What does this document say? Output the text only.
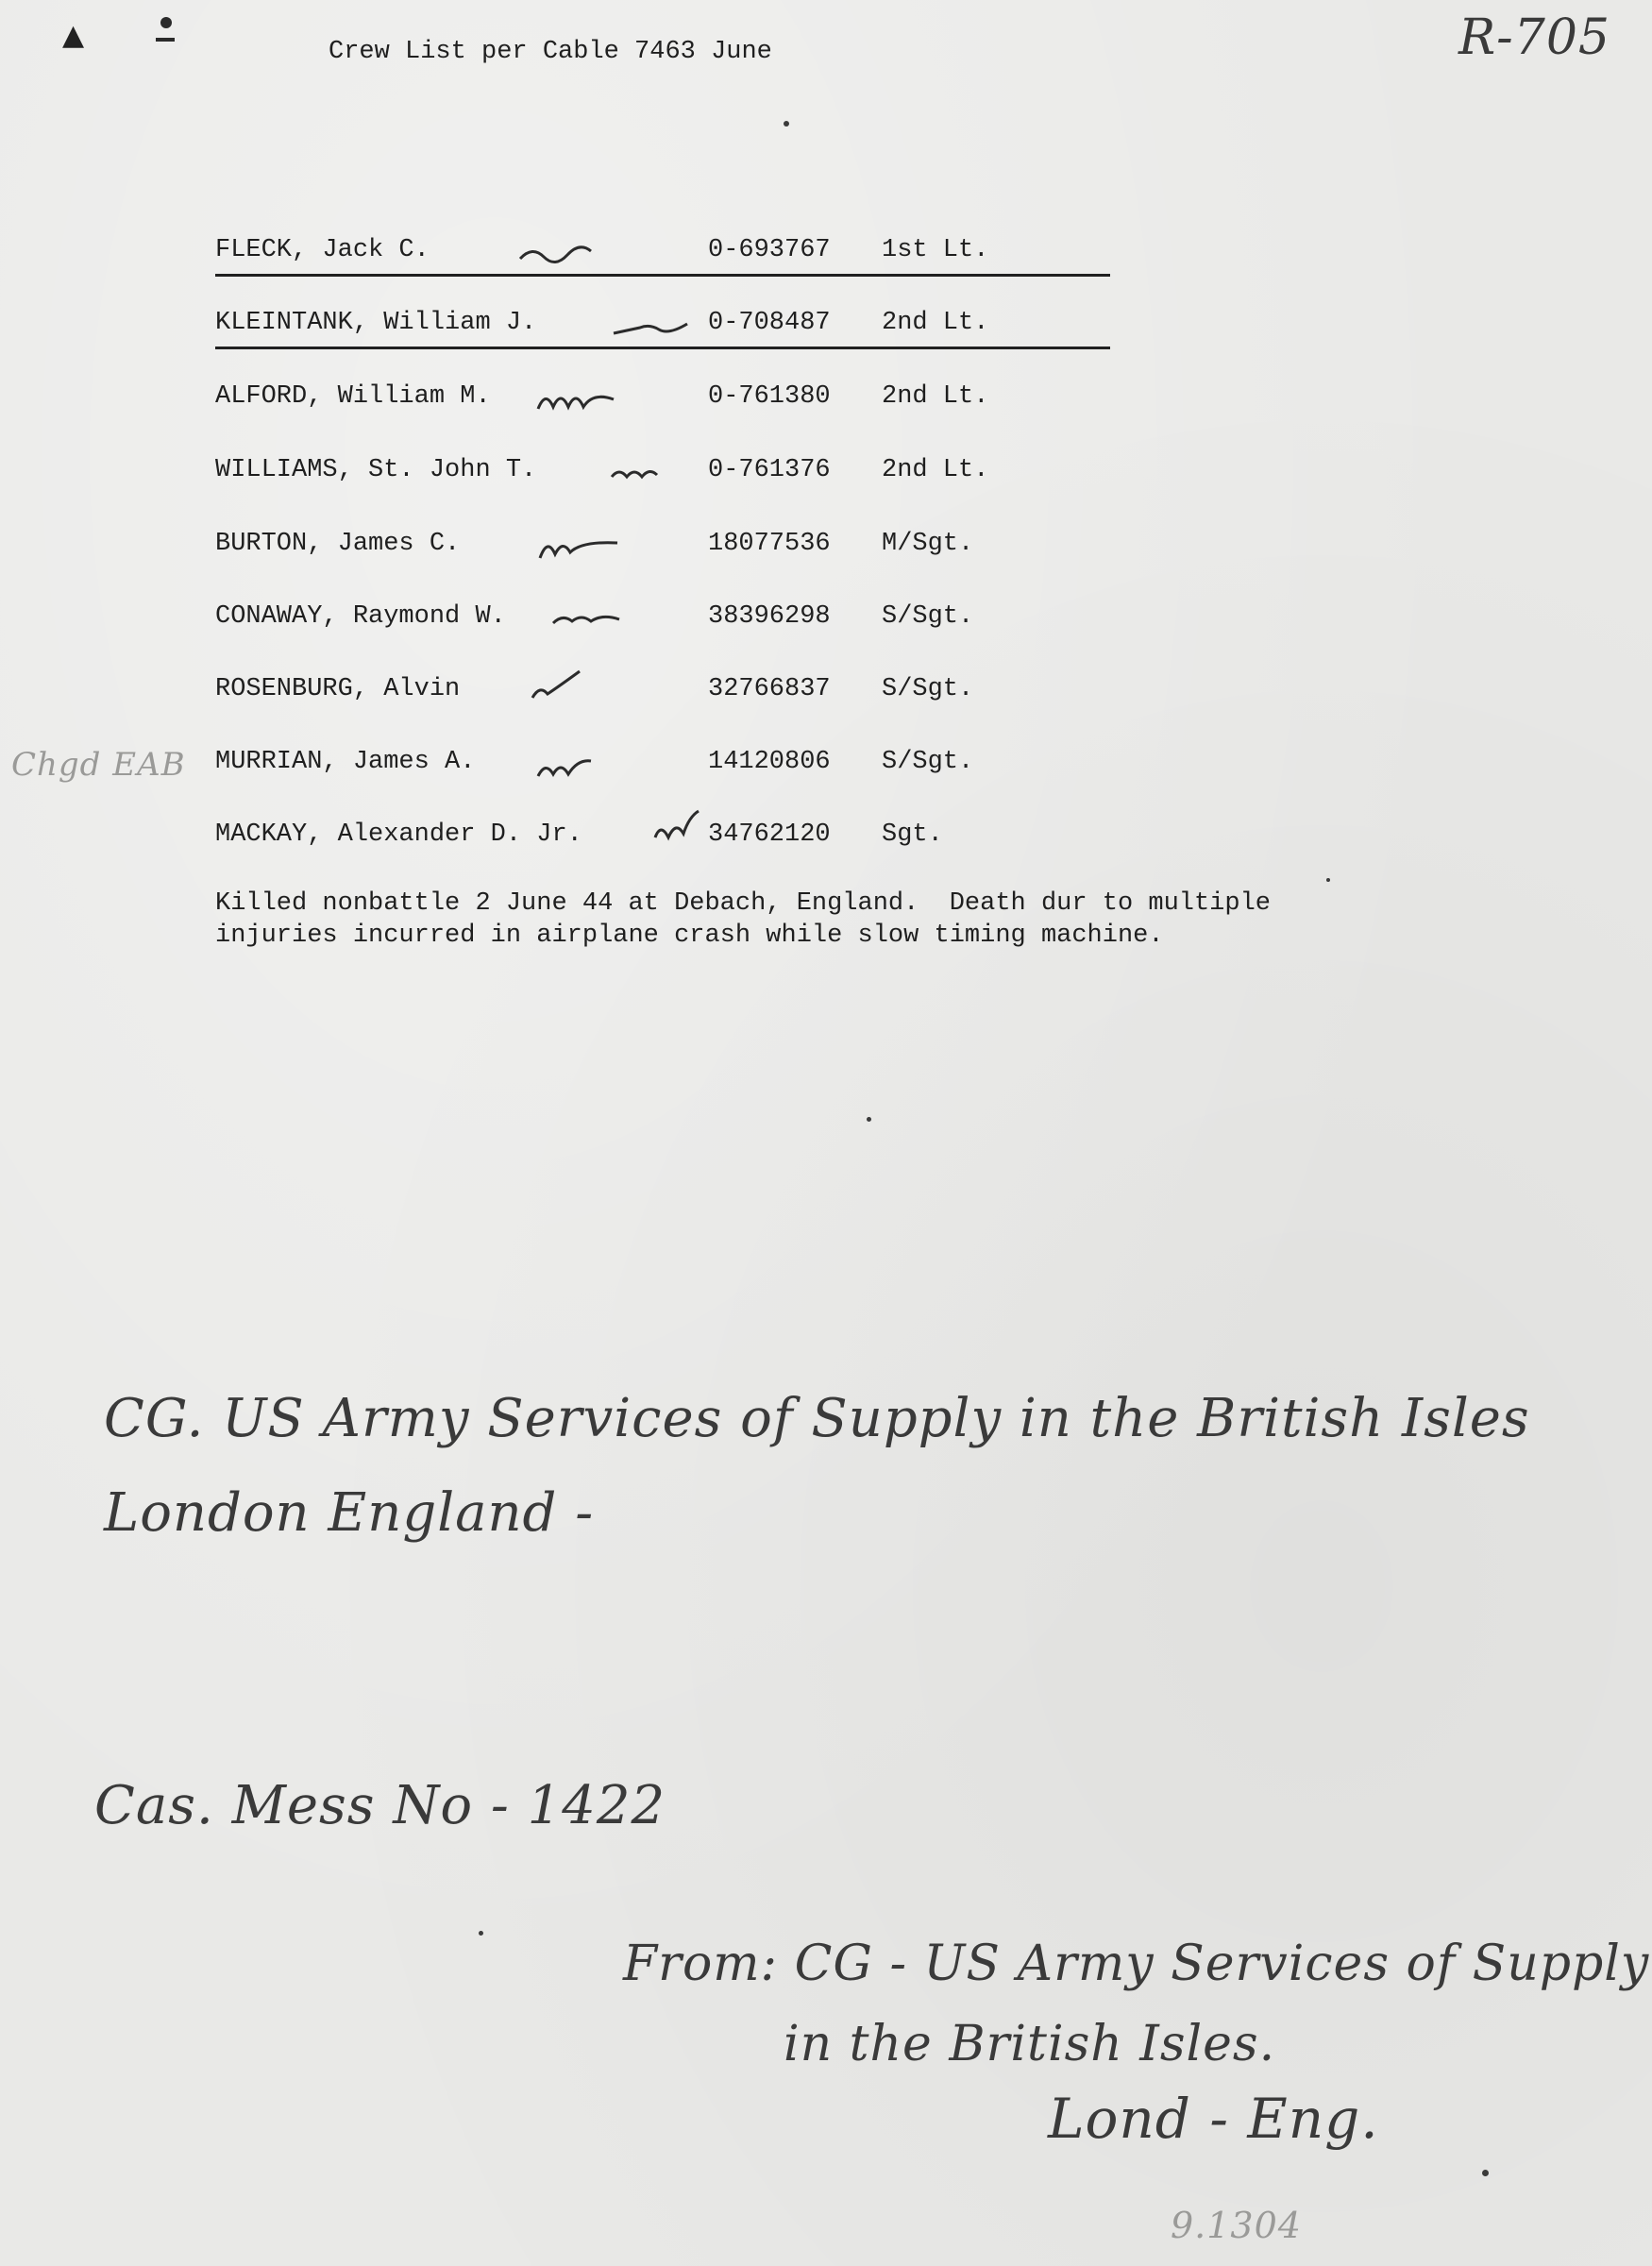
▲	Crew List per Cable 7463 June	R-705
FLECK, Jack C.	0-693767 1st Lt.
KLEINTANK, William J.	0-708487 2nd Lt.
ALFORD, William M.	0-761380 2nd Lt.
WILLIAMS, St. John T.	0-761376 2nd Lt.
BURTON, James C.	18077536 M/Sgt.
CONAWAY, Raymond W.	38396298 S/Sgt.
ROSENBURG, Alvin	32766837 S/Sgt.
MURRIAN, James A.	14120806 S/Sgt.
MACKAY, Alexander D. Jr.	34762120 Sgt.
Chgd EAB
Killed nonbattle 2 June 44 at Debach, England.  Death dur to multiple
injuries incurred in airplane crash while slow timing machine.
CG. US Army Services of Supply in the British Isles
London England -
Cas. Mess No - 1422
From: CG - US Army Services of Supply
in the British Isles.
Lond - Eng.
9.1304
